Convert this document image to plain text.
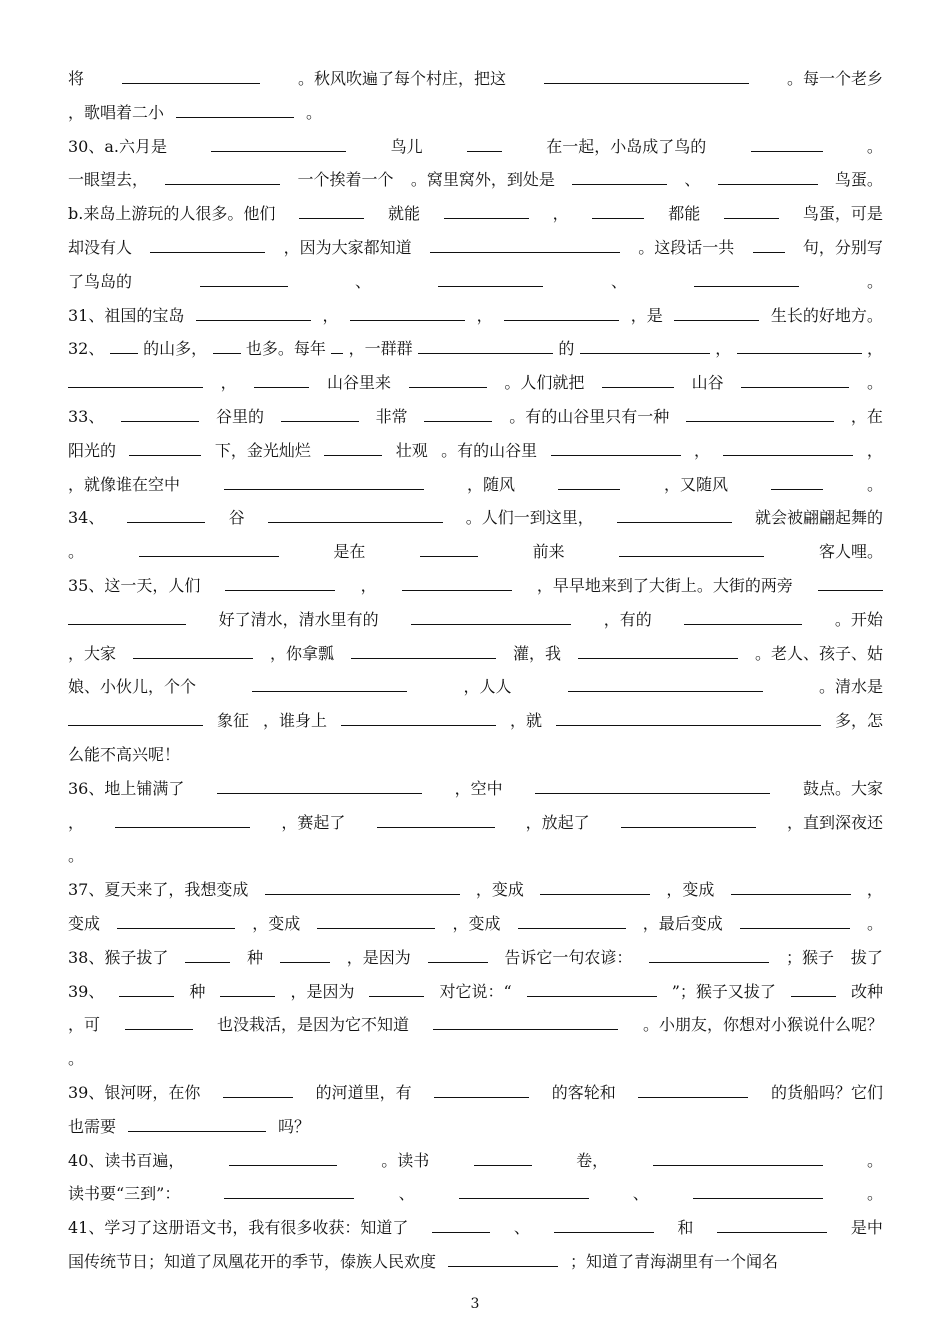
将	。秋风吹遍了每个村庄，把这	。每一个老乡
，歌唱着二小	。
30、a.六月是	鸟儿	在一起，小岛成了鸟的	。
一眼望去，	一个挨着一个 。窝里窝外，到处是	、	鸟蛋。
b.来岛上游玩的人很多。他们	就能	，	都能	鸟蛋，可是
却没有人	，因为大家都知道	。这段话一共	句，分别写
了鸟岛的	、	、	。
31、祖国的宝岛	，	，	，是	生长的好地方。
32、 的山多， 也多。每年 ，一群群	的	，	，
，	山谷里来	。人们就把	山谷	。
33、	谷里的	非常	。有的山谷里只有一种	，在
阳光的	下，金光灿烂	壮观 。有的山谷里	，	，
，就像谁在空中	，随风	，又随风	。
34、	谷	。人们一到这里，	就会被翩翩起舞的
。	是在	前来	客人哩。
35、这一天，人们	，	，早早地来到了大街上。大街的两旁
好了清水，清水里有的	，有的	。开始
，大家	，你拿瓢	灌，我	。老人、孩子、姑
娘、小伙儿，个个	，人人	。清水是
象征 ，谁身上	，就	多，怎
么能不高兴呢！
36、地上铺满了	，空中	鼓点。大家
，	，赛起了	，放起了	，直到深夜还
。
37、夏天来了，我想变成	，变成	，变成	，
变成	，变成	，变成	，最后变成	。
38、猴子拔了	种	，是因为	告诉它一句农谚：	；猴子 拔了
39、	种	，是因为	对它说：“	”；猴子又拔了	改种
，可	也没栽活，是因为它不知道	。小朋友，你想对小猴说什么呢？
。
39、银河呀，在你	的河道里，有	的客轮和	的货船吗？它们
也需要	吗？
40、读书百遍，	。读书	卷，	。
读书要“三到”：	、	、	。
41、学习了这册语文书，我有很多收获：知道了	、	和	是中
国传统节日；知道了凤凰花开的季节，傣族人民欢度	；知道了青海湖里有一个闻名
3
